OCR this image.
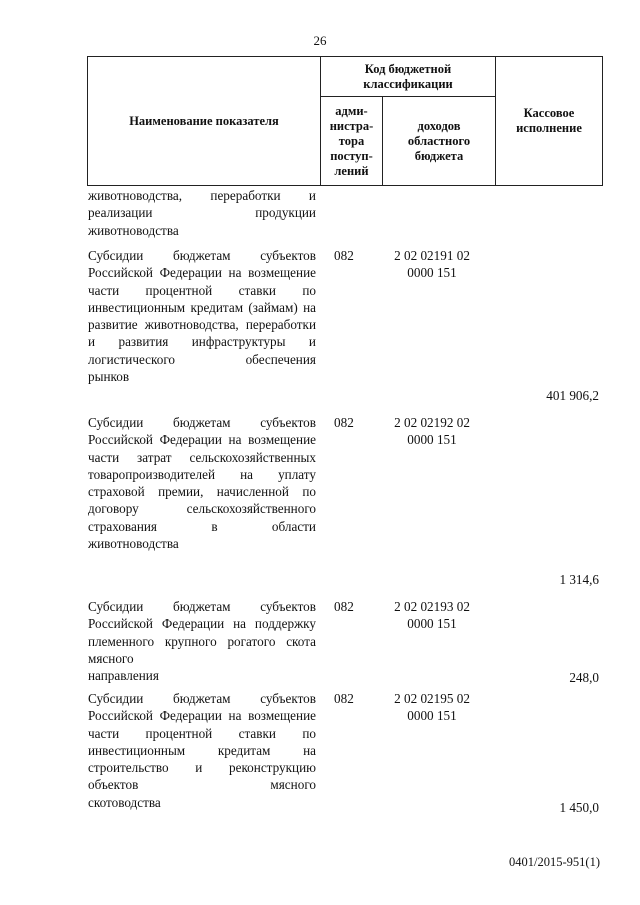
26
Наименование показателя
Код бюджетной классификации
адми-
нистра-
тора
поступ-
лений
доходов
областного
бюджета
Кассовое
исполнение
животноводства, переработки и реализации продукции
животноводства
Субсидии бюджетам субъектов Российской Федерации на возмещение части процентной ставки по инвестиционным кредитам (займам) на развитие животноводства, переработки и развития инфраструктуры и логистического обеспечения
рынков
082	2 02 02191 02 0000 151
401 906,2
Субсидии бюджетам субъектов Российской Федерации на возмещение части затрат сельскохозяйственных товаропроизводителей на уплату страховой премии, начисленной по договору сельскохозяйственного страхования в области
животноводства
082	2 02 02192 02 0000 151
1 314,6
Субсидии бюджетам субъектов Российской Федерации на поддержку племенного крупного рогатого скота мясного
направления
082	2 02 02193 02 0000 151
248,0
Субсидии бюджетам субъектов Российской Федерации на возмещение части процентной ставки по инвестиционным кредитам на строительство и реконструкцию объектов мясного
скотоводства
082	2 02 02195 02 0000 151
1 450,0
0401/2015-951(1)
